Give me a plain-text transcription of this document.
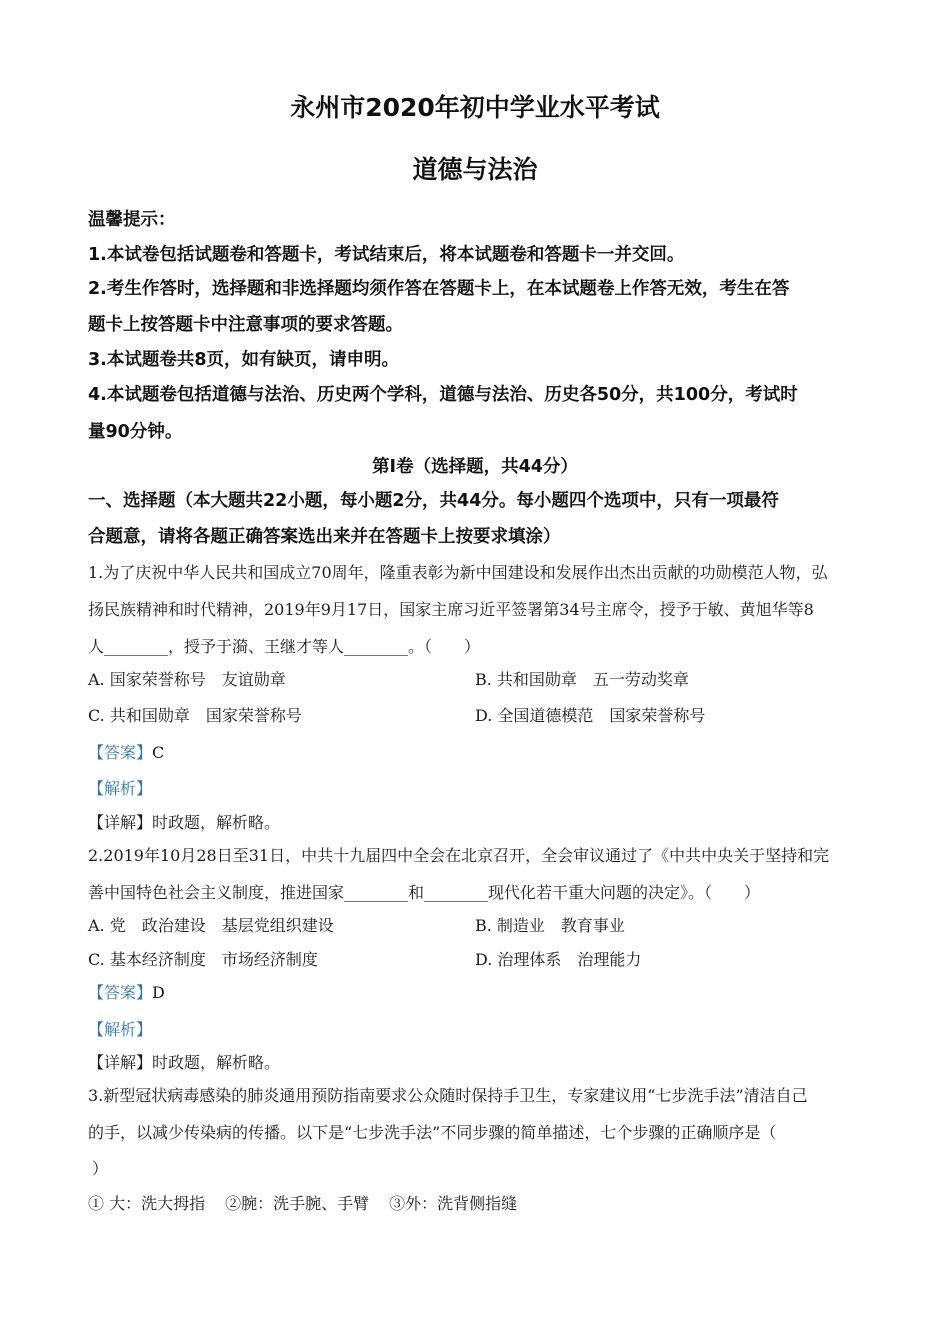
永州市2020年初中学业水平考试
道德与法治
温馨提示：
1.本试卷包括试题卷和答题卡，考试结束后，将本试题卷和答题卡一并交回。
2.考生作答时，选择题和非选择题均须作答在答题卡上，在本试题卷上作答无效，考生在答
题卡上按答题卡中注意事项的要求答题。
3.本试题卷共8页，如有缺页，请申明。
4.本试题卷包括道德与法治、历史两个学科，道德与法治、历史各50分，共100分，考试时
量90分钟。
第Ⅰ卷（选择题，共44分）
一、选择题（本大题共22小题，每小题2分，共44分。每小题四个选项中，只有一项最符
合题意，请将各题正确答案选出来并在答题卡上按要求填涂）
1.为了庆祝中华人民共和国成立70周年，隆重表彰为新中国建设和发展作出杰出贡献的功勋模范人物，弘
扬民族精神和时代精神，2019年9月17日，国家主席习近平签署第34号主席令，授予于敏、黄旭华等8
人________，授予于漪、王继才等人________。（　　）
A. 国家荣誉称号　友谊勋章	B. 共和国勋章　五一劳动奖章
C. 共和国勋章　国家荣誉称号	D. 全国道德模范　国家荣誉称号
【答案】C
【解析】
【详解】时政题，解析略。
2.2019年10月28日至31日，中共十九届四中全会在北京召开，全会审议通过了《中共中央关于坚持和完
善中国特色社会主义制度，推进国家________和________现代化若干重大问题的决定》。（　　）
A. 党　政治建设　基层党组织建设	B. 制造业　教育事业
C. 基本经济制度　市场经济制度	D. 治理体系　治理能力
【答案】D
【解析】
【详解】时政题，解析略。
3.新型冠状病毒感染的肺炎通用预防指南要求公众随时保持手卫生，专家建议用“七步洗手法”清洁自己
的手，以减少传染病的传播。以下是“七步洗手法”不同步骤的简单描述，七个步骤的正确顺序是（
）
① 大：洗大拇指 ②腕：洗手腕、手臂 ③外：洗背侧指缝
